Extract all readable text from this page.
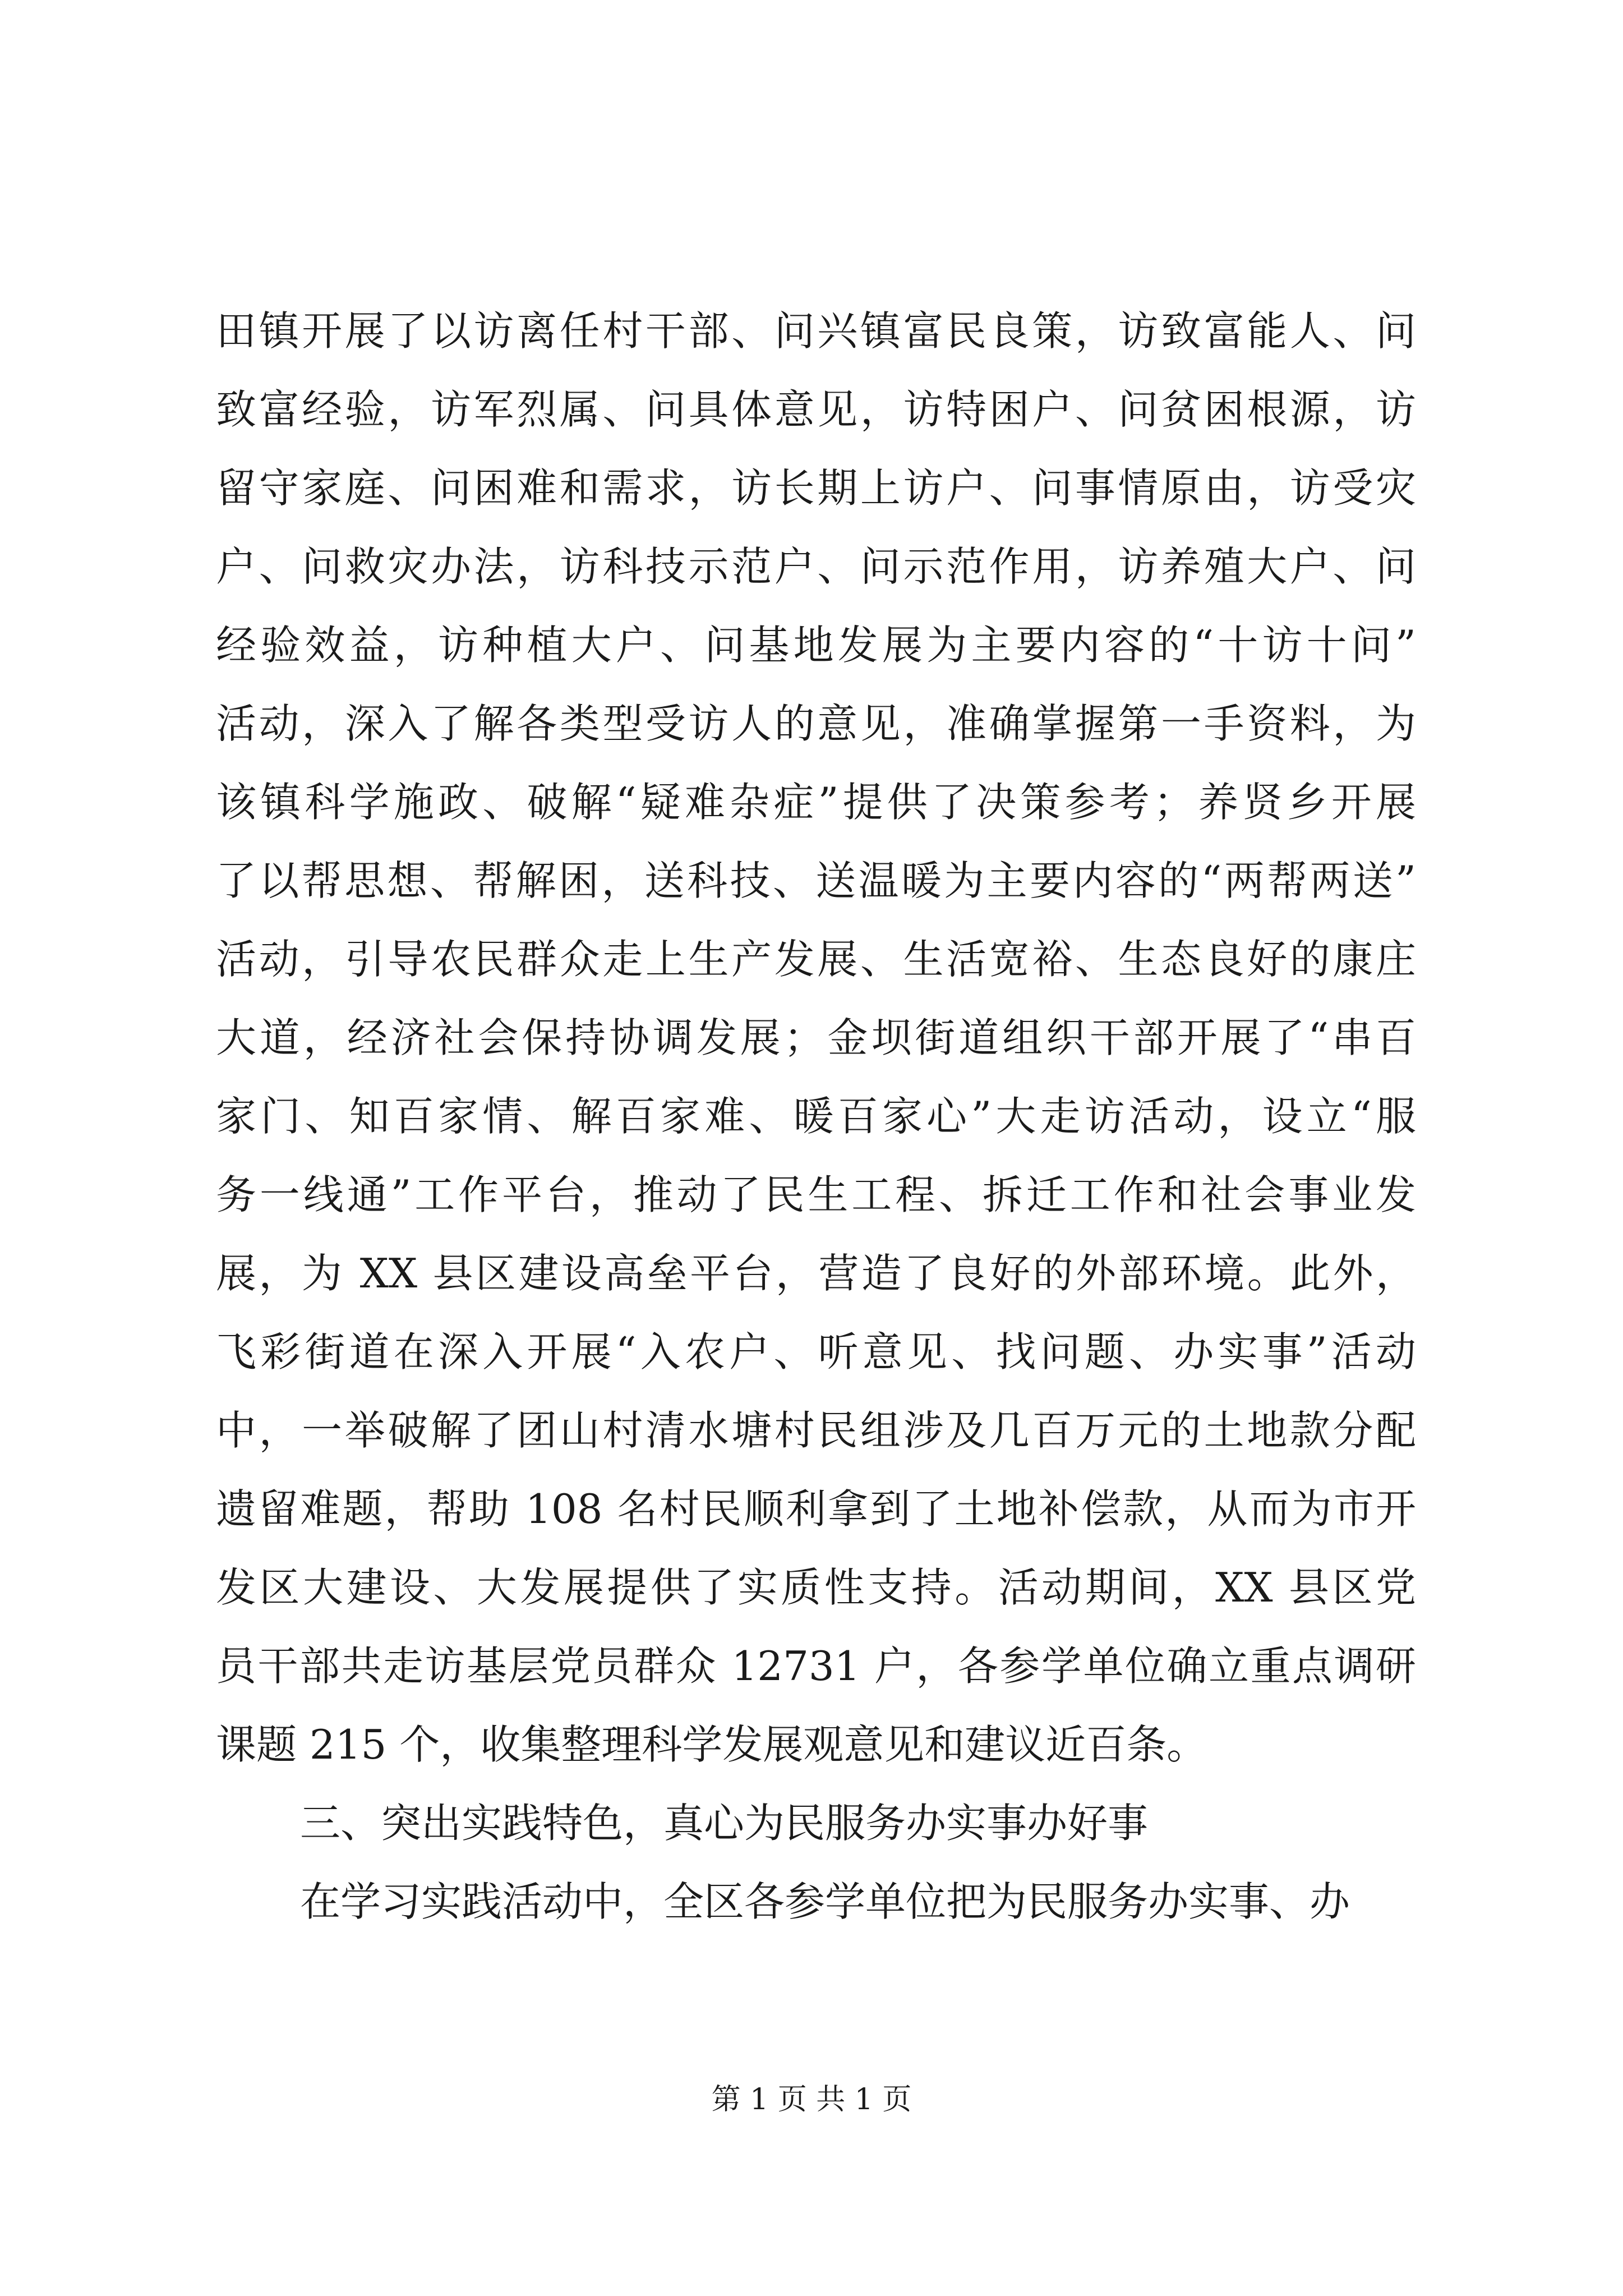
田镇开展了以访离任村干部、问兴镇富民良策，访致富能人、问
致富经验，访军烈属、问具体意见，访特困户、问贫困根源，访
留守家庭、问困难和需求，访长期上访户、问事情原由，访受灾
户、问救灾办法，访科技示范户、问示范作用，访养殖大户、问
经验效益，访种植大户、问基地发展为主要内容的“十访十问”
活动，深入了解各类型受访人的意见，准确掌握第一手资料，为
该镇科学施政、破解“疑难杂症”提供了决策参考；养贤乡开展
了以帮思想、帮解困，送科技、送温暖为主要内容的“两帮两送”
活动，引导农民群众走上生产发展、生活宽裕、生态良好的康庄
大道，经济社会保持协调发展；金坝街道组织干部开展了“串百
家门、知百家情、解百家难、暖百家心”大走访活动，设立“服
务一线通”工作平台，推动了民生工程、拆迁工作和社会事业发
展，为 XX 县区建设高垒平台，营造了良好的外部环境。此外，
飞彩街道在深入开展“入农户、听意见、找问题、办实事”活动
中，一举破解了团山村清水塘村民组涉及几百万元的土地款分配
遗留难题，帮助 108 名村民顺利拿到了土地补偿款，从而为市开
发区大建设、大发展提供了实质性支持。活动期间，XX 县区党
员干部共走访基层党员群众 12731 户，各参学单位确立重点调研
课题 215 个，收集整理科学发展观意见和建议近百条。
三、突出实践特色，真心为民服务办实事办好事
在学习实践活动中，全区各参学单位把为民服务办实事、办
第 1 页 共 1 页
